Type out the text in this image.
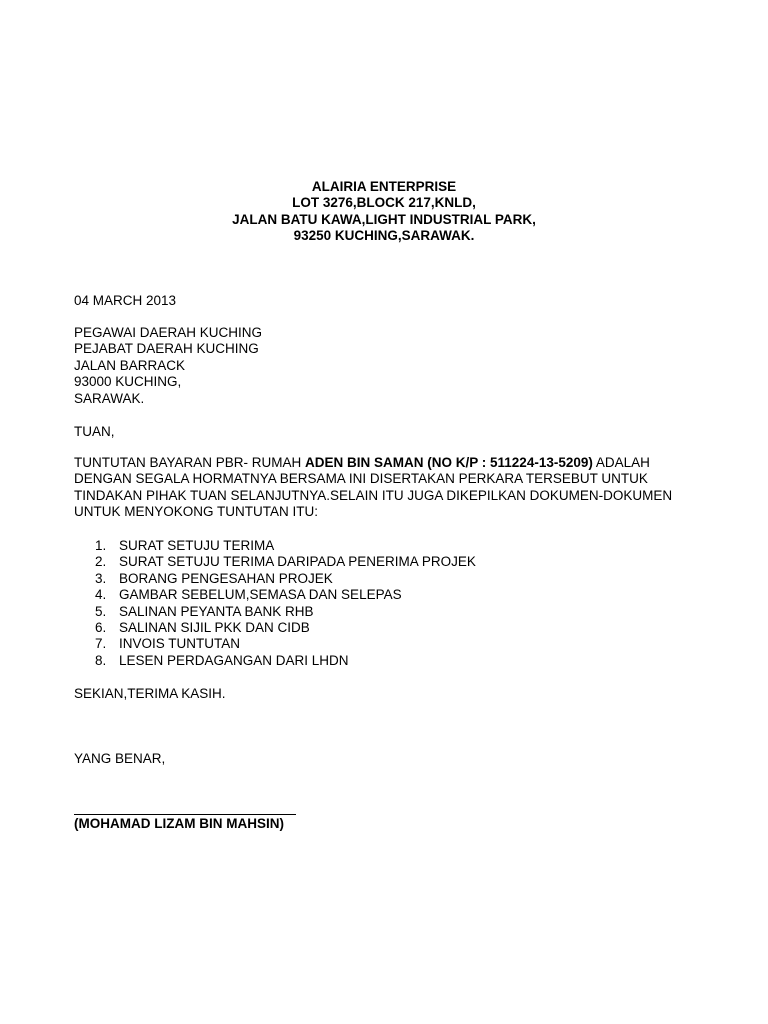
ALAIRIA ENTERPRISE
LOT 3276,BLOCK 217,KNLD,
JALAN BATU KAWA,LIGHT INDUSTRIAL PARK,
93250 KUCHING,SARAWAK.
04 MARCH 2013
PEGAWAI DAERAH KUCHING
PEJABAT DAERAH KUCHING
JALAN BARRACK
93000 KUCHING,
SARAWAK.
TUAN,
TUNTUTAN BAYARAN PBR- RUMAH ADEN BIN SAMAN (NO K/P : 511224-13-5209) ADALAH DENGAN SEGALA HORMATNYA BERSAMA INI DISERTAKAN PERKARA TERSEBUT UNTUK TINDAKAN PIHAK TUAN SELANJUTNYA.SELAIN ITU JUGA DIKEPILKAN DOKUMEN-DOKUMEN UNTUK MENYOKONG TUNTUTAN ITU:
1. SURAT SETUJU TERIMA
2. SURAT SETUJU TERIMA DARIPADA PENERIMA PROJEK
3. BORANG PENGESAHAN PROJEK
4. GAMBAR SEBELUM,SEMASA DAN SELEPAS
5. SALINAN PEYANTA BANK RHB
6. SALINAN SIJIL PKK DAN CIDB
7. INVOIS TUNTUTAN
8. LESEN PERDAGANGAN DARI LHDN
SEKIAN,TERIMA KASIH.
YANG BENAR,
(MOHAMAD LIZAM BIN MAHSIN)
